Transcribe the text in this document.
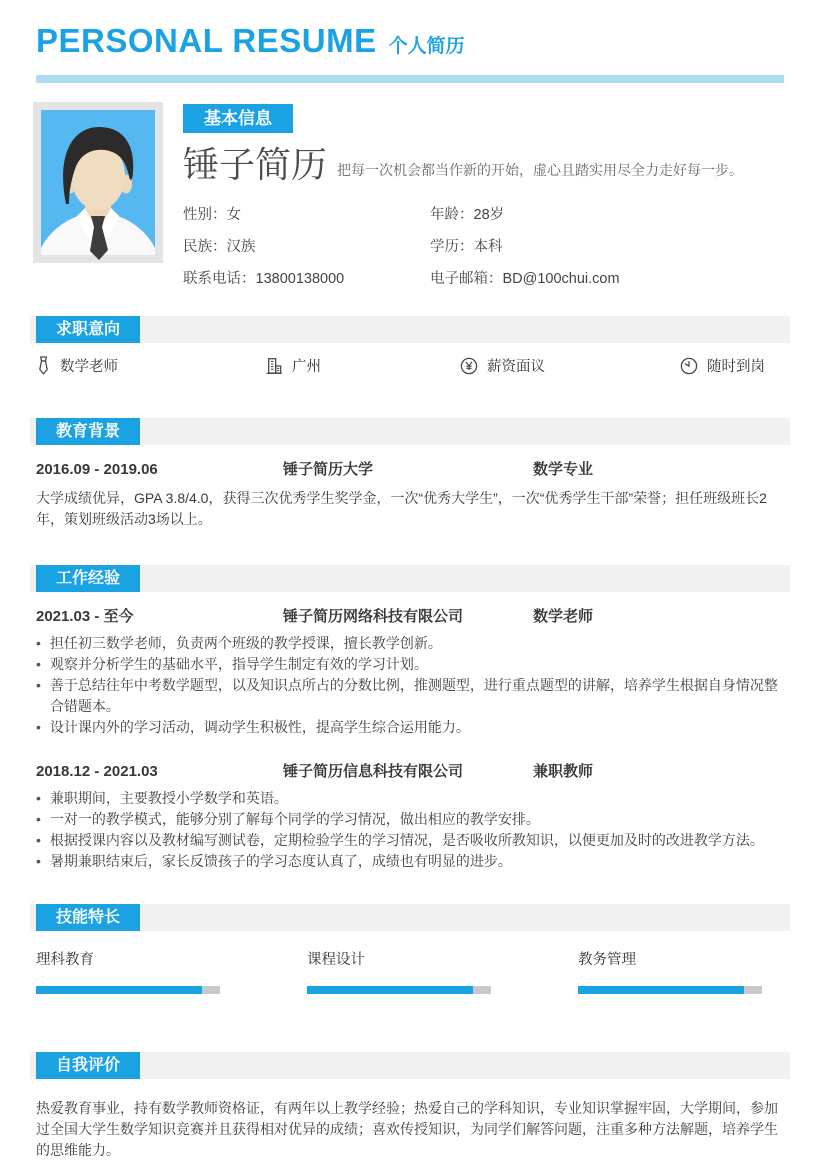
PERSONAL RESUME 个人简历
基本信息
锤子简历 把每一次机会都当作新的开始，虚心且踏实用尽全力走好每一步。
性别：女	年龄：28岁
民族：汉族	学历：本科
联系电话：13800138000	电子邮箱：BD@100chui.com
求职意向
数学老师	广州	薪资面议	随时到岗
教育背景
2016.09 - 2019.06	锤子简历大学	数学专业

大学成绩优异，GPA 3.8/4.0，获得三次优秀学生奖学金，一次“优秀大学生”，一次“优秀学生干部”荣誉；担任班级班长2年，策划班级活动3场以上。

工作经验
2021.03 - 至今	锤子简历网络科技有限公司	数学老师
• 担任初三数学老师，负责两个班级的教学授课，擅长教学创新。
• 观察并分析学生的基础水平，指导学生制定有效的学习计划。
• 善于总结往年中考数学题型，以及知识点所占的分数比例，推测题型，进行重点题型的讲解，培养学生根据自身情况整合错题本。
• 设计课内外的学习活动，调动学生积极性，提高学生综合运用能力。
2018.12 - 2021.03	锤子简历信息科技有限公司	兼职教师
• 兼职期间，主要教授小学数学和英语。
• 一对一的教学模式，能够分别了解每个同学的学习情况，做出相应的教学安排。
• 根据授课内容以及教材编写测试卷，定期检验学生的学习情况，是否吸收所教知识，以便更加及时的改进教学方法。
• 暑期兼职结束后，家长反馈孩子的学习态度认真了，成绩也有明显的进步。
技能特长
理科教育	课程设计	教务管理
自我评价

热爱教育事业，持有数学教师资格证，有两年以上教学经验；热爱自己的学科知识，专业知识掌握牢固，大学期间，参加过全国大学生数学知识竞赛并且获得相对优异的成绩；喜欢传授知识，为同学们解答问题，注重多种方法解题，培养学生的思维能力。
